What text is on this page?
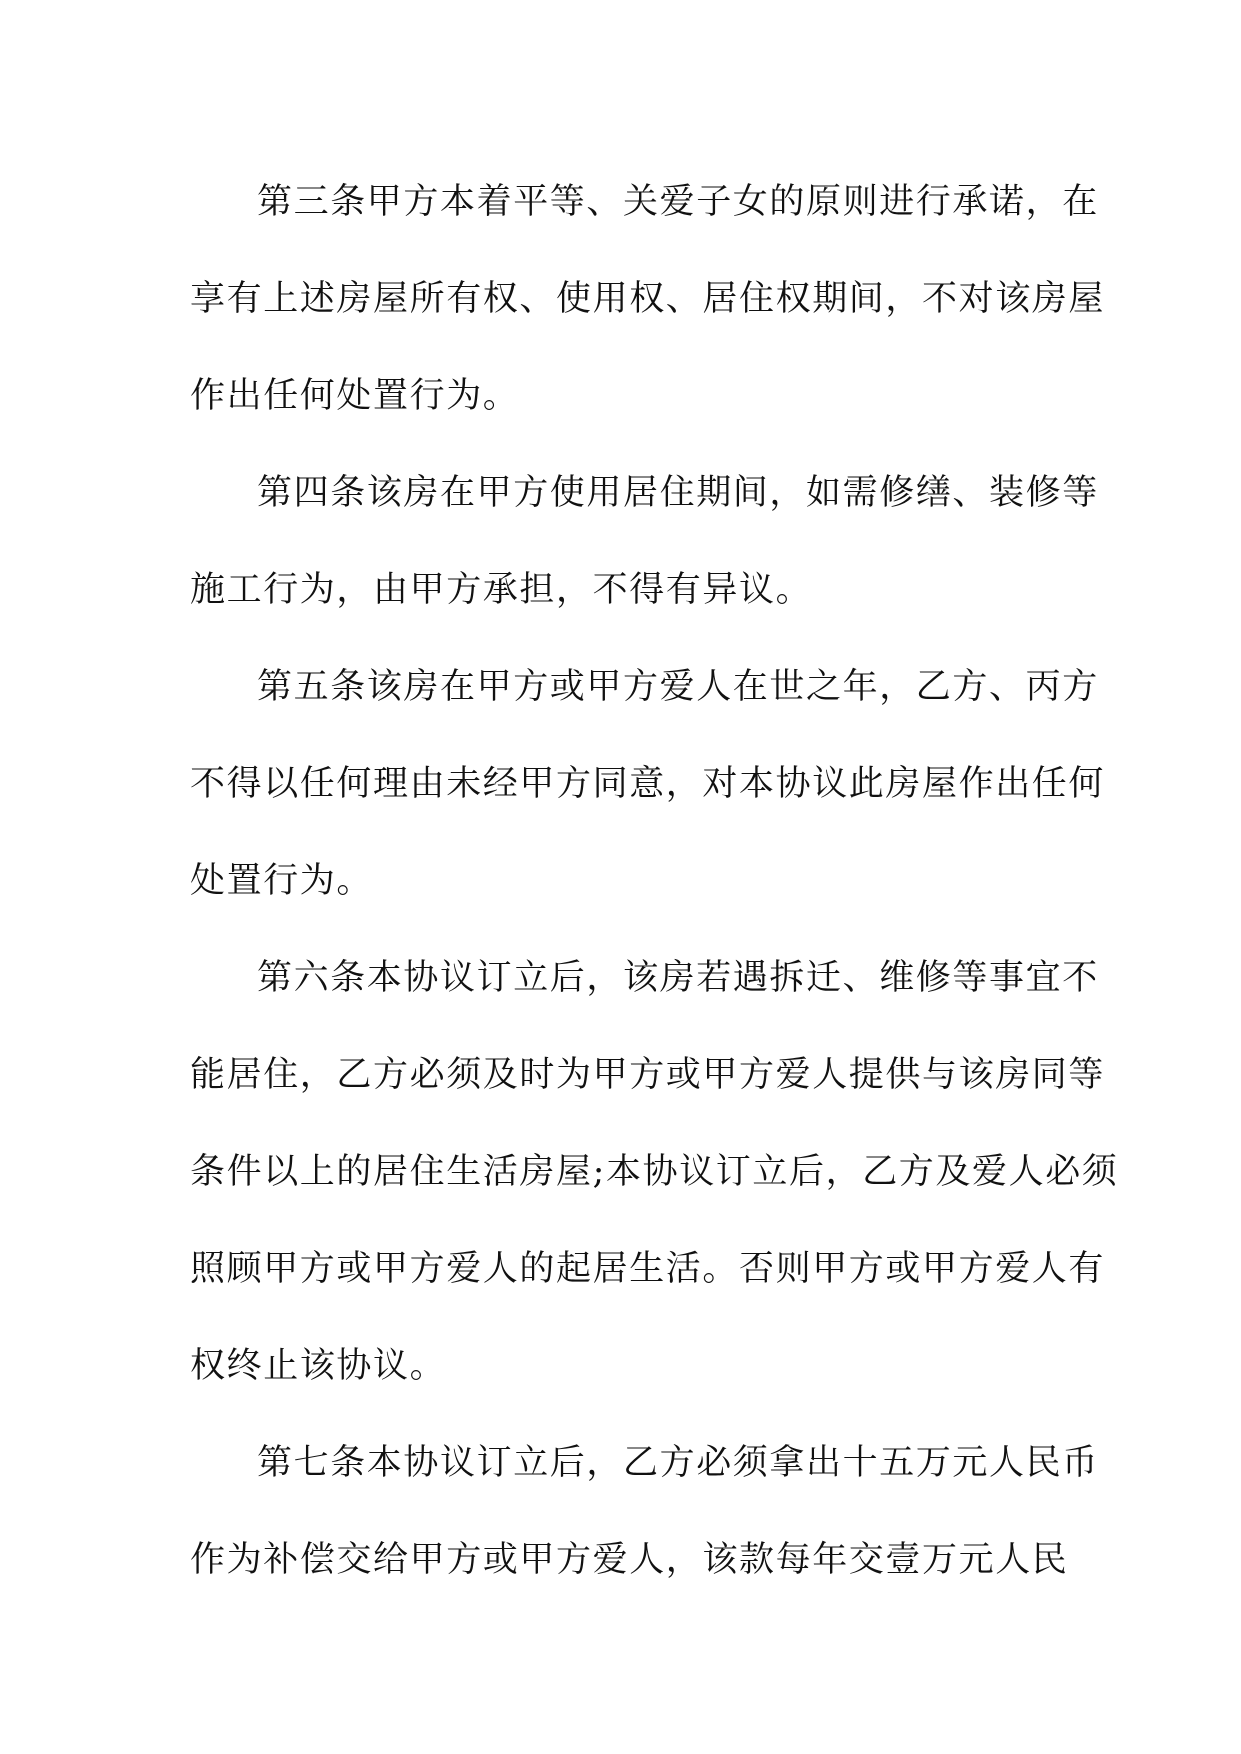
第三条甲方本着平等、关爱子女的原则进行承诺，在

享有上述房屋所有权、使用权、居住权期间，不对该房屋

作出任何处置行为。

第四条该房在甲方使用居住期间，如需修缮、装修等

施工行为，由甲方承担，不得有异议。

第五条该房在甲方或甲方爱人在世之年，乙方、丙方

不得以任何理由未经甲方同意，对本协议此房屋作出任何

处置行为。

第六条本协议订立后，该房若遇拆迁、维修等事宜不

能居住，乙方必须及时为甲方或甲方爱人提供与该房同等

条件以上的居住生活房屋;本协议订立后，乙方及爱人必须

照顾甲方或甲方爱人的起居生活。否则甲方或甲方爱人有

权终止该协议。

第七条本协议订立后，乙方必须拿出十五万元人民币

作为补偿交给甲方或甲方爱人，该款每年交壹万元人民
